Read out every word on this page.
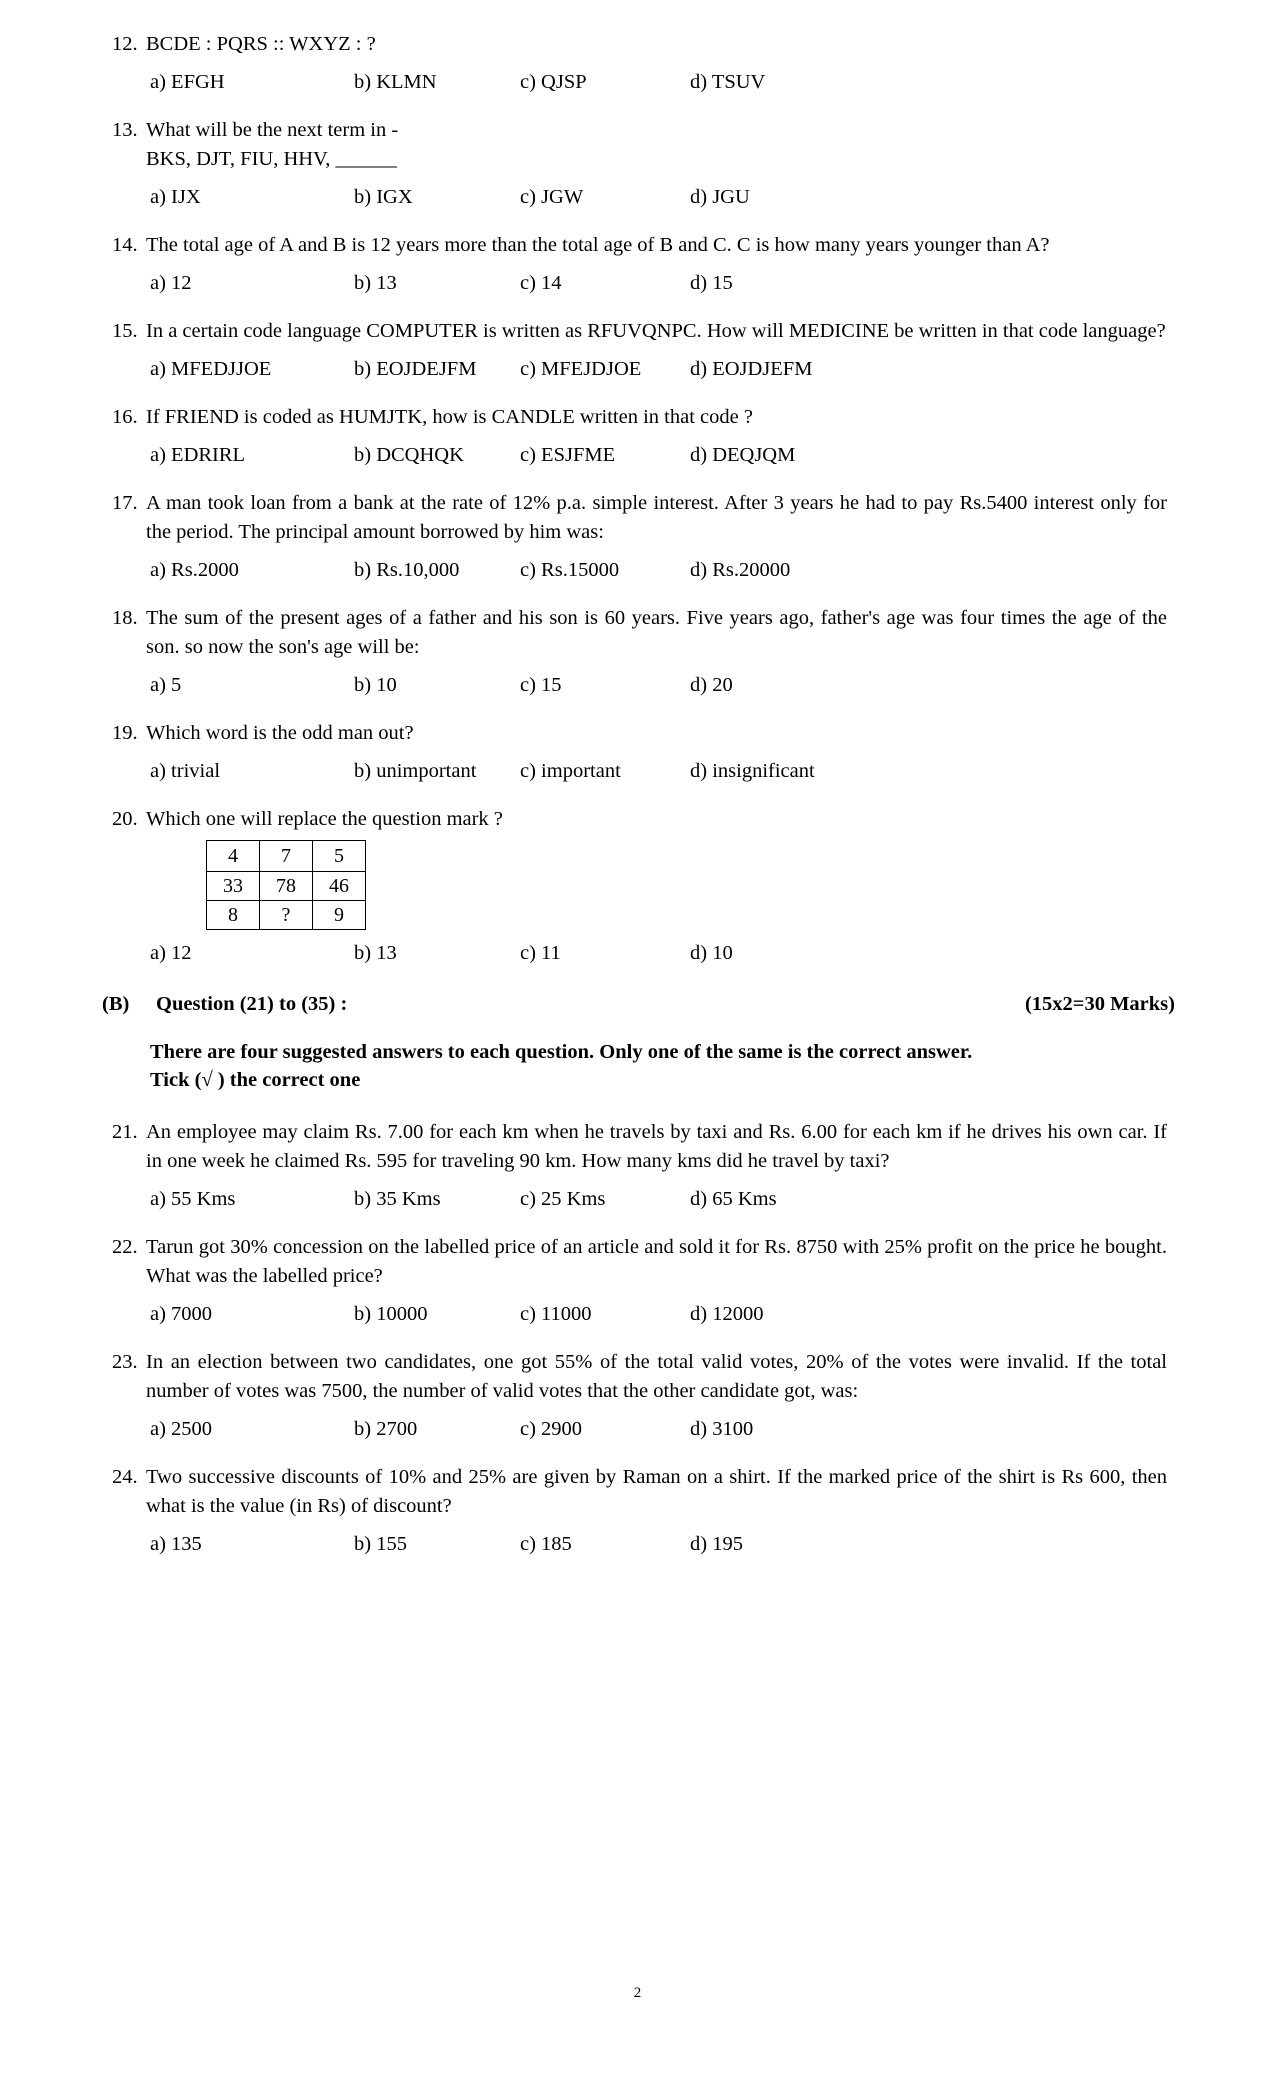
12. BCDE : PQRS :: WXYZ : ?
a) EFGH	b) KLMN	c) QJSP	d) TSUV
13. What will be the next term in -
BKS, DJT, FIU, HHV, ______
a) IJX	b) IGX	c) JGW	d) JGU
14. The total age of A and B is 12 years more than the total age of B and C. C is how many years younger than A?
a) 12	b) 13	c) 14	d) 15
15. In a certain code language COMPUTER is written as RFUVQNPC. How will MEDICINE be written in that code language?
a) MFEDJJOE	b) EOJDEJFM	c) MFEJDJOE	d) EOJDJEFM
16. If FRIEND is coded as HUMJTK, how is CANDLE written in that code ?
a) EDRIRL	b) DCQHQK	c) ESJFME	d) DEQJQM
17. A man took loan from a bank at the rate of 12% p.a. simple interest. After 3 years he had to pay Rs.5400 interest only for the period. The principal amount borrowed by him was:
a) Rs.2000	b) Rs.10,000	c) Rs.15000	d) Rs.20000
18. The sum of the present ages of a father and his son is 60 years. Five years ago, father's age was four times the age of the son. so now the son's age will be:
a) 5	b) 10	c) 15	d) 20
19. Which word is the odd man out?
a) trivial	b) unimportant	c) important	d) insignificant
20. Which one will replace the question mark ?
4	7	5
33	78	46
8	?	9
a) 12	b) 13	c) 11	d) 10
(B)	Question (21) to (35) :	(15x2=30 Marks)
There are four suggested answers to each question. Only one of the same is the correct answer.
Tick (√ ) the correct one
21. An employee may claim Rs. 7.00 for each km when he travels by taxi and Rs. 6.00 for each km if he drives his own car. If in one week he claimed Rs. 595 for traveling 90 km. How many kms did he travel by taxi?
a) 55 Kms	b) 35 Kms	c) 25 Kms	d) 65 Kms
22. Tarun got 30% concession on the labelled price of an article and sold it for Rs. 8750 with 25% profit on the price he bought. What was the labelled price?
a) 7000	b) 10000	c) 11000	d) 12000
23. In an election between two candidates, one got 55% of the total valid votes, 20% of the votes were invalid. If the total number of votes was 7500, the number of valid votes that the other candidate got, was:
a) 2500	b) 2700	c) 2900	d) 3100
24. Two successive discounts of 10% and 25% are given by Raman on a shirt. If the marked price of the shirt is Rs 600, then what is the value (in Rs) of discount?
a) 135	b) 155	c) 185	d) 195
2
